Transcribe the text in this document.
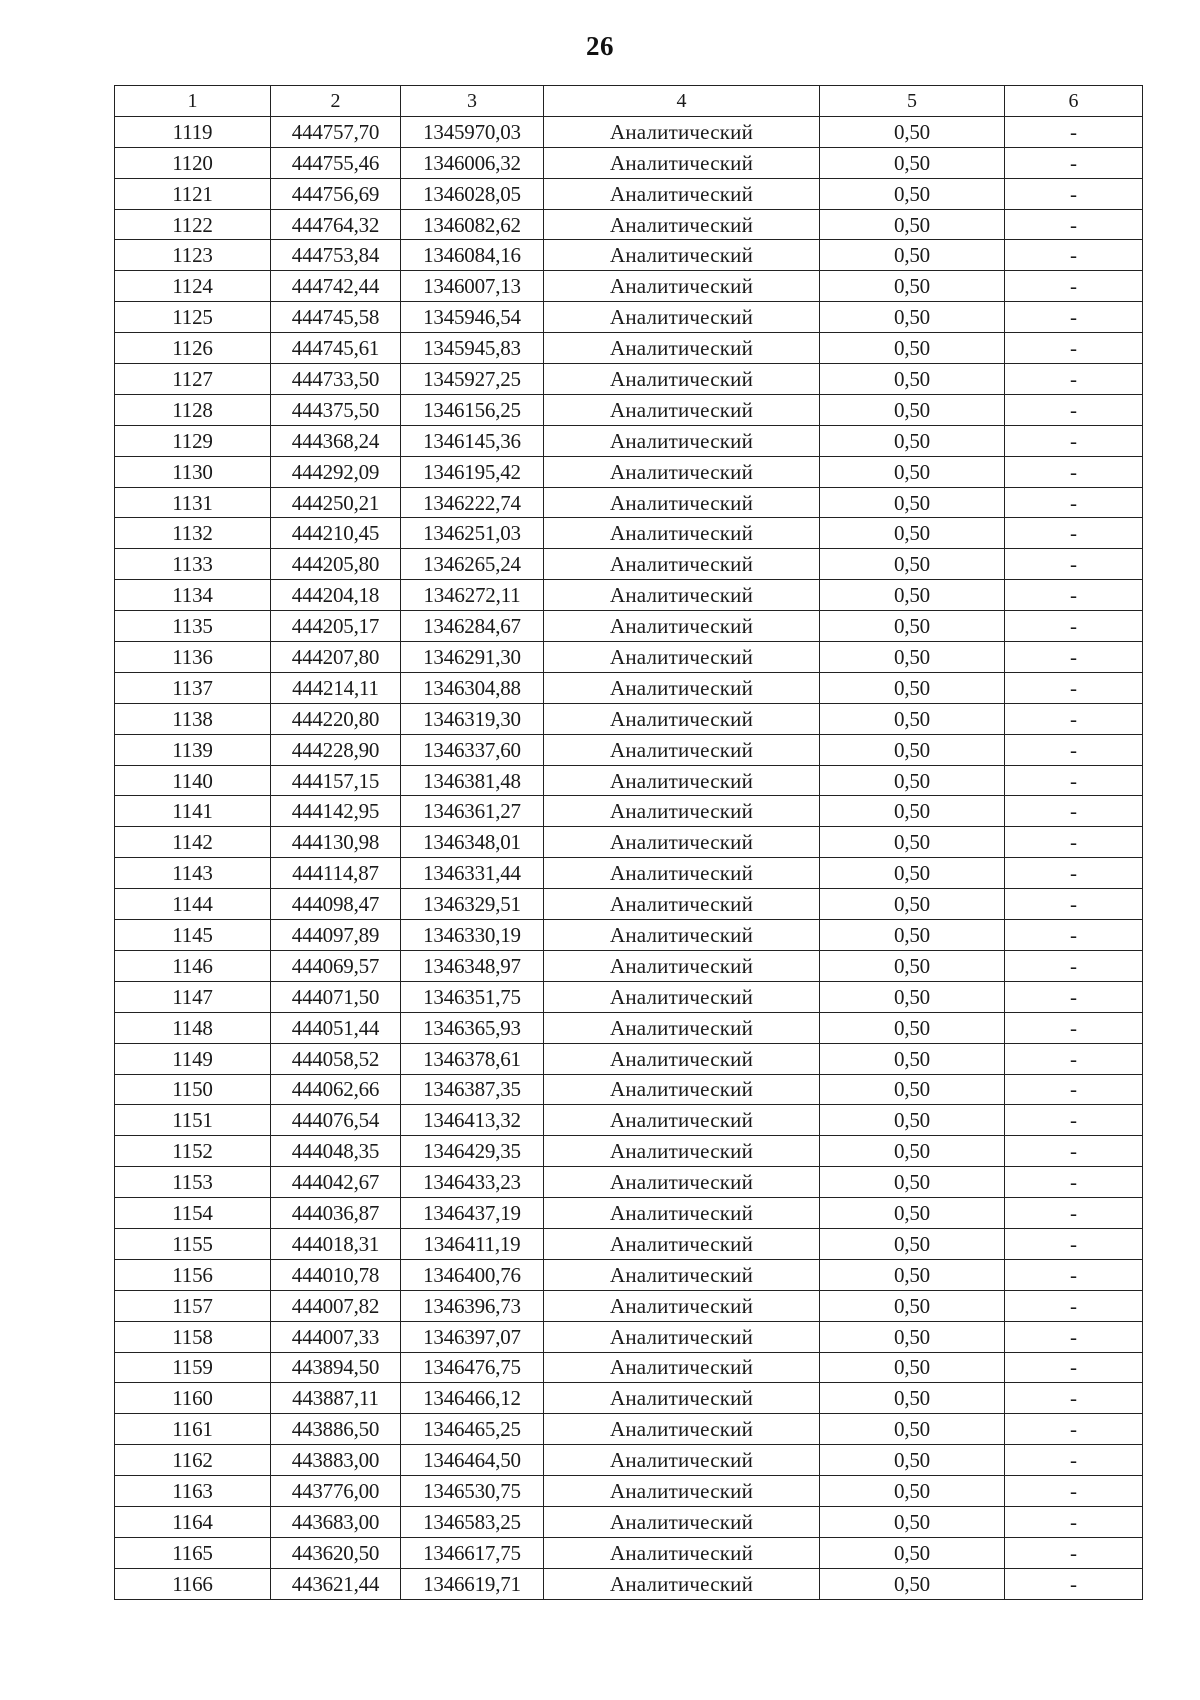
26
1	2	3	4	5	6
1119	444757,70	1345970,03	Аналитический	0,50	-
1120	444755,46	1346006,32	Аналитический	0,50	-
1121	444756,69	1346028,05	Аналитический	0,50	-
1122	444764,32	1346082,62	Аналитический	0,50	-
1123	444753,84	1346084,16	Аналитический	0,50	-
1124	444742,44	1346007,13	Аналитический	0,50	-
1125	444745,58	1345946,54	Аналитический	0,50	-
1126	444745,61	1345945,83	Аналитический	0,50	-
1127	444733,50	1345927,25	Аналитический	0,50	-
1128	444375,50	1346156,25	Аналитический	0,50	-
1129	444368,24	1346145,36	Аналитический	0,50	-
1130	444292,09	1346195,42	Аналитический	0,50	-
1131	444250,21	1346222,74	Аналитический	0,50	-
1132	444210,45	1346251,03	Аналитический	0,50	-
1133	444205,80	1346265,24	Аналитический	0,50	-
1134	444204,18	1346272,11	Аналитический	0,50	-
1135	444205,17	1346284,67	Аналитический	0,50	-
1136	444207,80	1346291,30	Аналитический	0,50	-
1137	444214,11	1346304,88	Аналитический	0,50	-
1138	444220,80	1346319,30	Аналитический	0,50	-
1139	444228,90	1346337,60	Аналитический	0,50	-
1140	444157,15	1346381,48	Аналитический	0,50	-
1141	444142,95	1346361,27	Аналитический	0,50	-
1142	444130,98	1346348,01	Аналитический	0,50	-
1143	444114,87	1346331,44	Аналитический	0,50	-
1144	444098,47	1346329,51	Аналитический	0,50	-
1145	444097,89	1346330,19	Аналитический	0,50	-
1146	444069,57	1346348,97	Аналитический	0,50	-
1147	444071,50	1346351,75	Аналитический	0,50	-
1148	444051,44	1346365,93	Аналитический	0,50	-
1149	444058,52	1346378,61	Аналитический	0,50	-
1150	444062,66	1346387,35	Аналитический	0,50	-
1151	444076,54	1346413,32	Аналитический	0,50	-
1152	444048,35	1346429,35	Аналитический	0,50	-
1153	444042,67	1346433,23	Аналитический	0,50	-
1154	444036,87	1346437,19	Аналитический	0,50	-
1155	444018,31	1346411,19	Аналитический	0,50	-
1156	444010,78	1346400,76	Аналитический	0,50	-
1157	444007,82	1346396,73	Аналитический	0,50	-
1158	444007,33	1346397,07	Аналитический	0,50	-
1159	443894,50	1346476,75	Аналитический	0,50	-
1160	443887,11	1346466,12	Аналитический	0,50	-
1161	443886,50	1346465,25	Аналитический	0,50	-
1162	443883,00	1346464,50	Аналитический	0,50	-
1163	443776,00	1346530,75	Аналитический	0,50	-
1164	443683,00	1346583,25	Аналитический	0,50	-
1165	443620,50	1346617,75	Аналитический	0,50	-
1166	443621,44	1346619,71	Аналитический	0,50	-
